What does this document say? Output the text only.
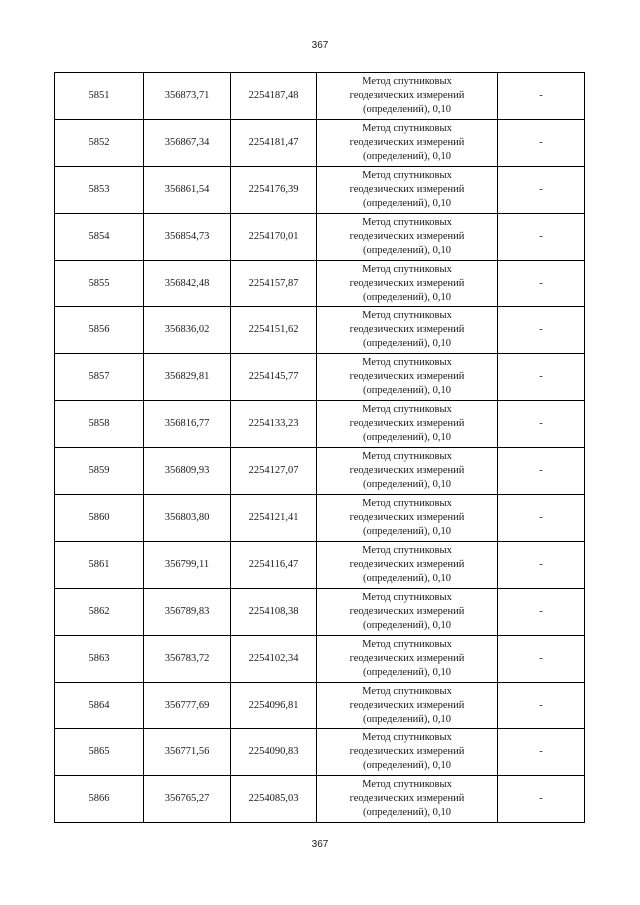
367
5851	356873,71	2254187,48	Метод спутниковых
геодезических измерений
(определений), 0,10	-
5852	356867,34	2254181,47	Метод спутниковых
геодезических измерений
(определений), 0,10	-
5853	356861,54	2254176,39	Метод спутниковых
геодезических измерений
(определений), 0,10	-
5854	356854,73	2254170,01	Метод спутниковых
геодезических измерений
(определений), 0,10	-
5855	356842,48	2254157,87	Метод спутниковых
геодезических измерений
(определений), 0,10	-
5856	356836,02	2254151,62	Метод спутниковых
геодезических измерений
(определений), 0,10	-
5857	356829,81	2254145,77	Метод спутниковых
геодезических измерений
(определений), 0,10	-
5858	356816,77	2254133,23	Метод спутниковых
геодезических измерений
(определений), 0,10	-
5859	356809,93	2254127,07	Метод спутниковых
геодезических измерений
(определений), 0,10	-
5860	356803,80	2254121,41	Метод спутниковых
геодезических измерений
(определений), 0,10	-
5861	356799,11	2254116,47	Метод спутниковых
геодезических измерений
(определений), 0,10	-
5862	356789,83	2254108,38	Метод спутниковых
геодезических измерений
(определений), 0,10	-
5863	356783,72	2254102,34	Метод спутниковых
геодезических измерений
(определений), 0,10	-
5864	356777,69	2254096,81	Метод спутниковых
геодезических измерений
(определений), 0,10	-
5865	356771,56	2254090,83	Метод спутниковых
геодезических измерений
(определений), 0,10	-
5866	356765,27	2254085,03	Метод спутниковых
геодезических измерений
(определений), 0,10	-
367
